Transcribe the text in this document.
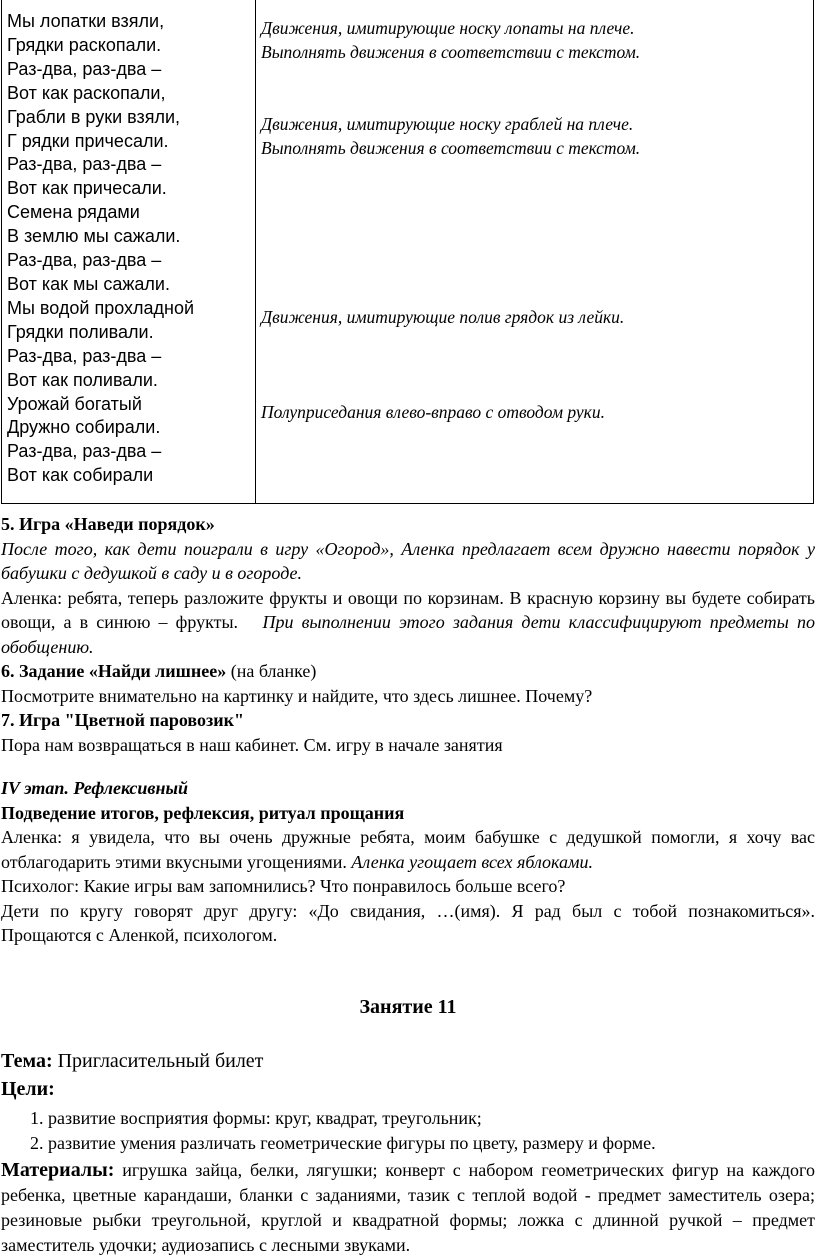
Мы лопатки взяли,
Грядки раскопали.
Раз-два, раз-два –
Вот как раскопали,
Грабли в руки взяли,
Г рядки причесали.
Раз-два, раз-два –
Вот как причесали.
Семена рядами
В землю мы сажали.
Раз-два, раз-два –
Вот как мы сажали.
Мы водой прохладной
Грядки поливали.
Раз-два, раз-два –
Вот как поливали.
Урожай богатый
Дружно собирали.
Раз-два, раз-два –
Вот как собирали
Движения, имитирующие носку лопаты на плече.
Выполнять движения в соответствии с текстом.
Движения, имитирующие носку граблей на плече.
Выполнять движения в соответствии с текстом.
Движения, имитирующие полив грядок из лейки.
Полуприседания влево-вправо с отводом руки.

5. Игра «Наведи порядок»

После того, как дети поиграли в игру «Огород», Аленка предлагает всем дружно навести порядок у бабушки с дедушкой в саду и в огороде.

Аленка: ребята, теперь разложите фрукты и овощи по корзинам. В красную корзину вы будете собирать овощи, а в синюю – фрукты. При выполнении этого задания дети классифицируют предметы по обобщению.

6. Задание «Найди лишнее» (на бланке)

Посмотрите внимательно на картинку и найдите, что здесь лишнее. Почему?

7. Игра "Цветной паровозик"

Пора нам возвращаться в наш кабинет. См. игру в начале занятия

IV этап. Рефлексивный

Подведение итогов, рефлексия, ритуал прощания

Аленка: я увидела, что вы очень дружные ребята, моим бабушке с дедушкой помогли, я хочу вас отблагодарить этими вкусными угощениями. Аленка угощает всех яблоками.

Психолог: Какие игры вам запомнились? Что понравилось больше всего?

Дети по кругу говорят друг другу: «До свидания, …(имя). Я рад был с тобой познакомиться». Прощаются с Аленкой, психологом.

Занятие 11
Тема: Пригласительный билет
Цели:
1. развитие восприятия формы: круг, квадрат, треугольник;
2. развитие умения различать геометрические фигуры по цвету, размеру и форме.
Материалы: игрушка зайца, белки, лягушки; конверт с набором геометрических фигур на каждого ребенка, цветные карандаши, бланки с заданиями, тазик с теплой водой - предмет заместитель озера; резиновые рыбки треугольной, круглой и квадратной формы; ложка с длинной ручкой – предмет заместитель удочки; аудиозапись с лесными звуками.
